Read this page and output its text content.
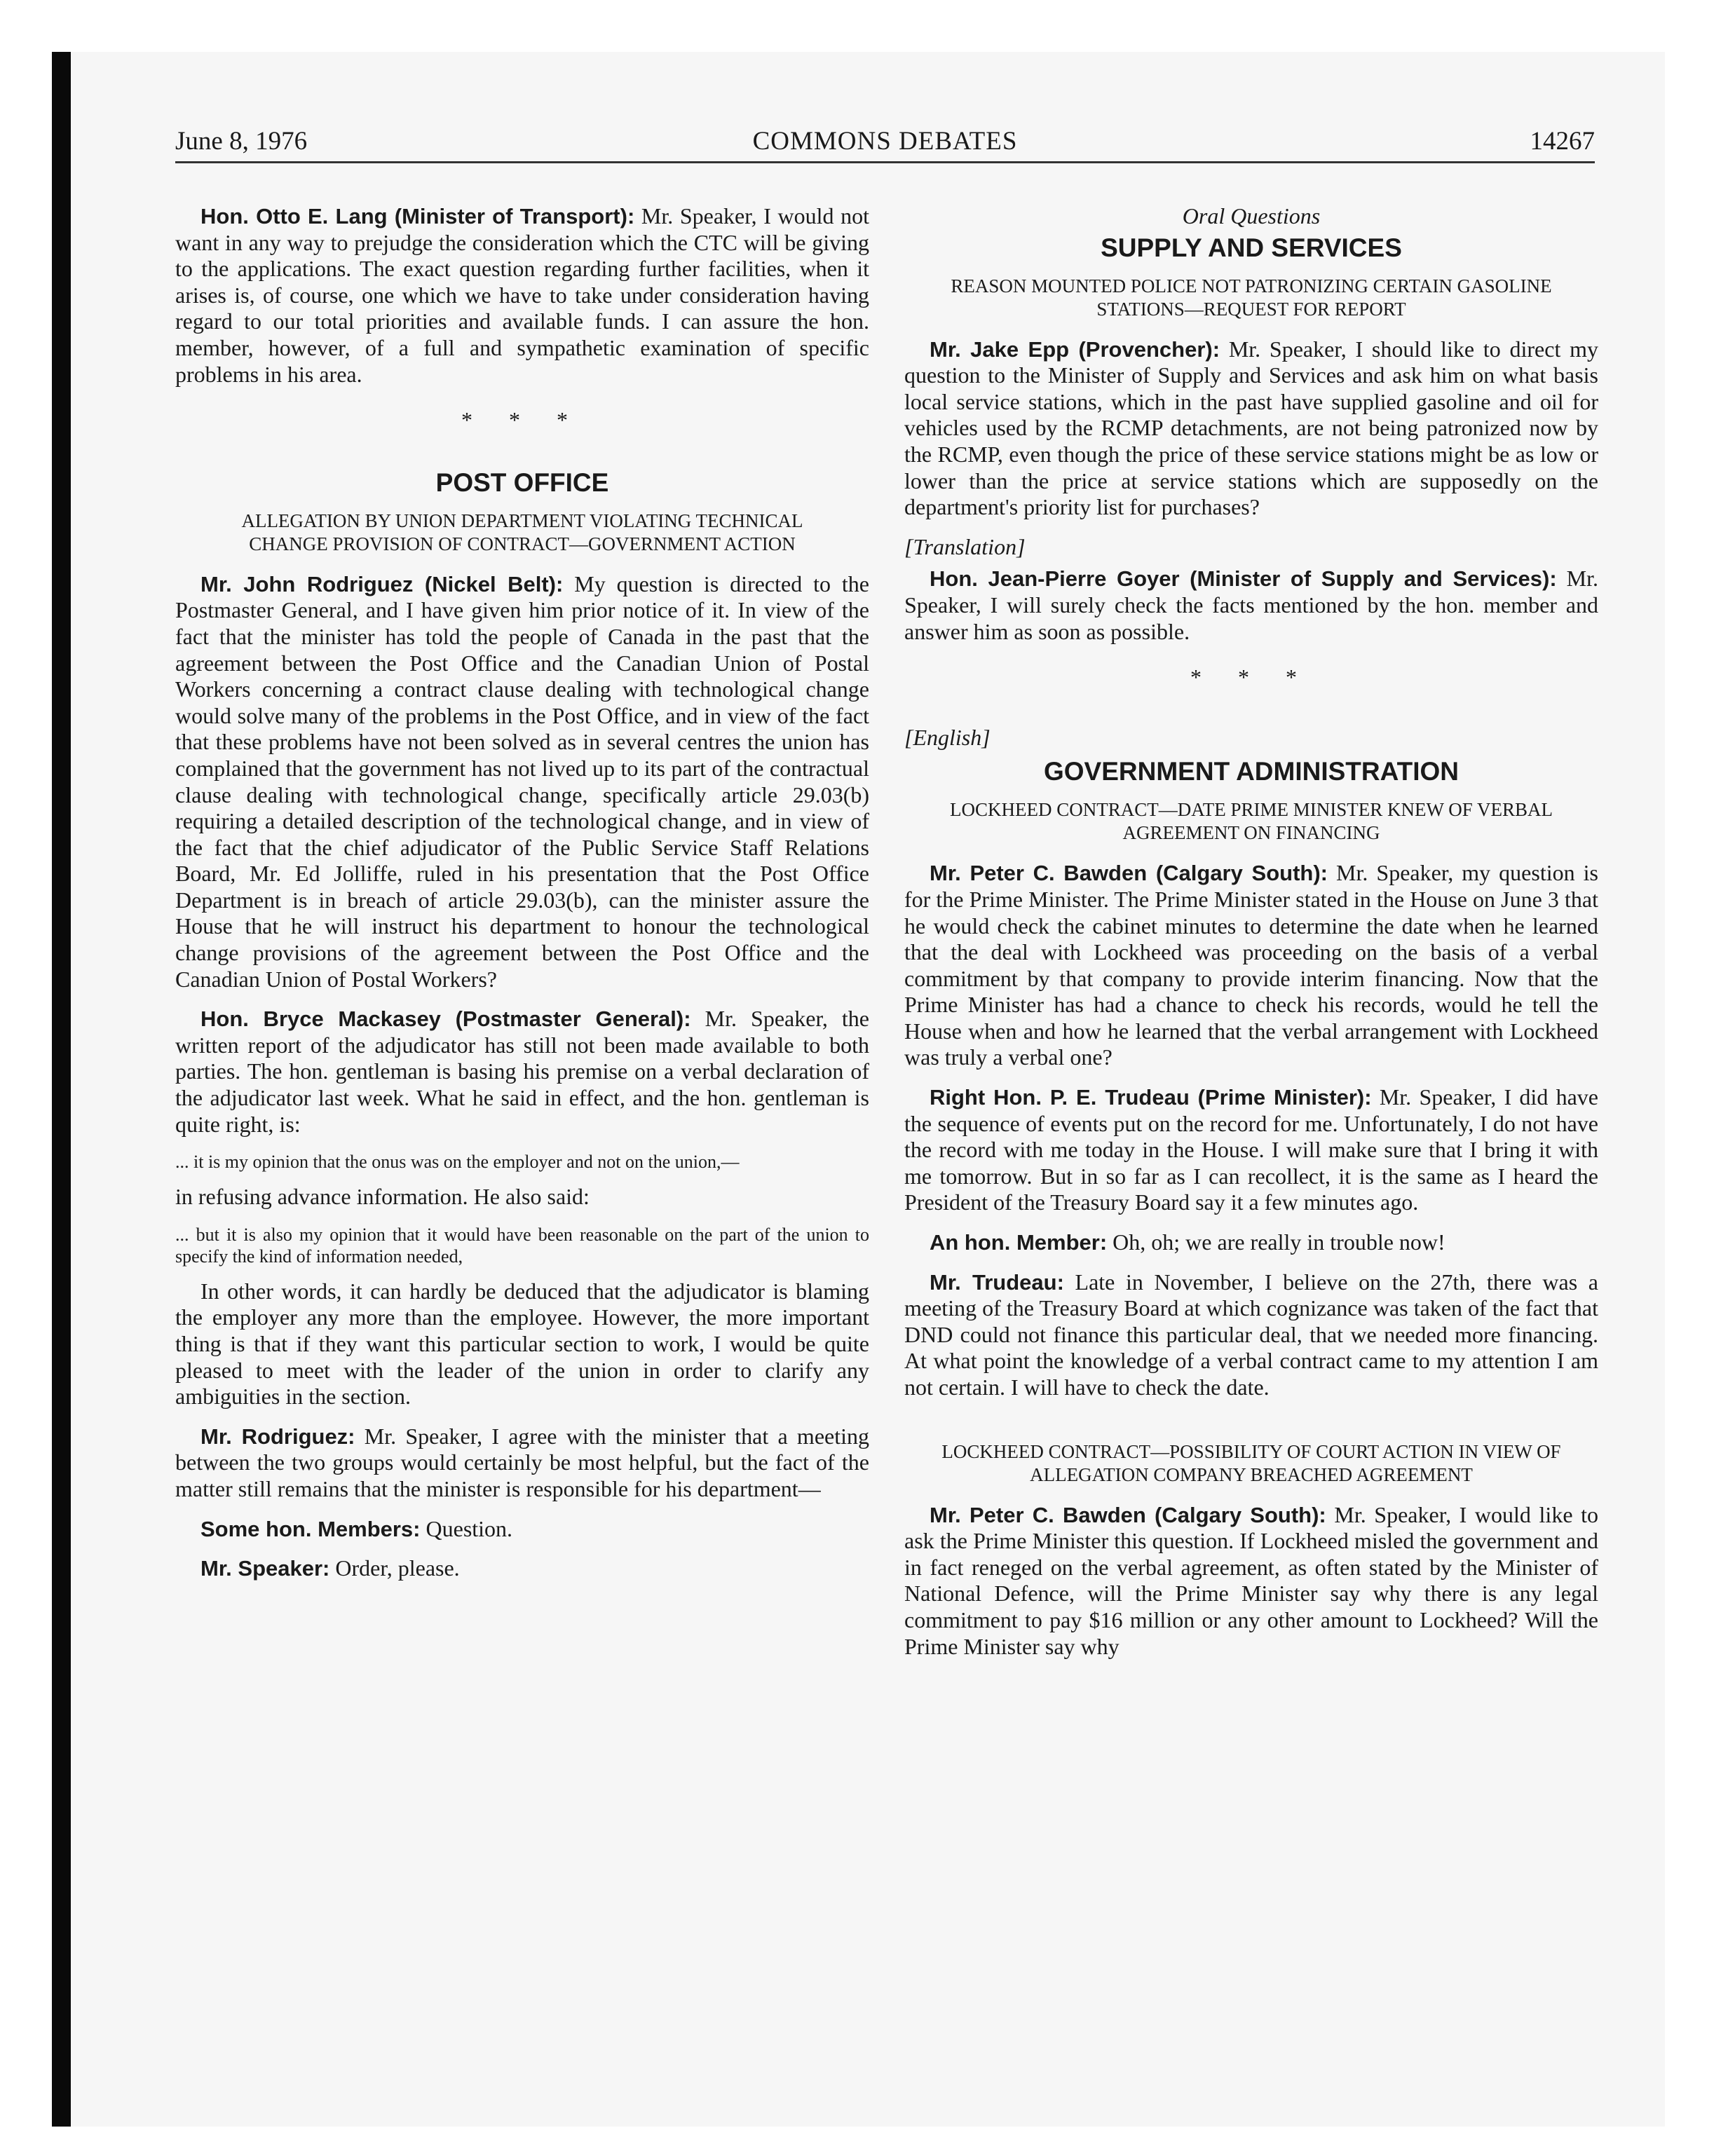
June 8, 1976	COMMONS DEBATES	14267

Hon. Otto E. Lang (Minister of Transport): Mr. Speaker, I would not want in any way to prejudge the consideration which the CTC will be giving to the applications. The exact question regarding further facilities, when it arises is, of course, one which we have to take under consideration having regard to our total priorities and available funds. I can assure the hon. member, however, of a full and sympathetic examination of specific problems in his area.

* * *
POST OFFICE
ALLEGATION BY UNION DEPARTMENT VIOLATING TECHNICAL CHANGE PROVISION OF CONTRACT—GOVERNMENT ACTION

Mr. John Rodriguez (Nickel Belt): My question is directed to the Postmaster General, and I have given him prior notice of it. In view of the fact that the minister has told the people of Canada in the past that the agreement between the Post Office and the Canadian Union of Postal Workers concerning a contract clause dealing with technological change would solve many of the problems in the Post Office, and in view of the fact that these problems have not been solved as in several centres the union has complained that the government has not lived up to its part of the contractual clause dealing with technological change, specifically article 29.03(b) requiring a detailed description of the technological change, and in view of the fact that the chief adjudicator of the Public Service Staff Relations Board, Mr. Ed Jolliffe, ruled in his presentation that the Post Office Department is in breach of article 29.03(b), can the minister assure the House that he will instruct his department to honour the technological change provisions of the agreement between the Post Office and the Canadian Union of Postal Workers?

Hon. Bryce Mackasey (Postmaster General): Mr. Speaker, the written report of the adjudicator has still not been made available to both parties. The hon. gentleman is basing his premise on a verbal declaration of the adjudicator last week. What he said in effect, and the hon. gentleman is quite right, is:

... it is my opinion that the onus was on the employer and not on the union,—

in refusing advance information. He also said:

... but it is also my opinion that it would have been reasonable on the part of the union to specify the kind of information needed,

In other words, it can hardly be deduced that the adjudicator is blaming the employer any more than the employee. However, the more important thing is that if they want this particular section to work, I would be quite pleased to meet with the leader of the union in order to clarify any ambiguities in the section.

Mr. Rodriguez: Mr. Speaker, I agree with the minister that a meeting between the two groups would certainly be most helpful, but the fact of the matter still remains that the minister is responsible for his department—

Some hon. Members: Question.

Mr. Speaker: Order, please.

Oral Questions
SUPPLY AND SERVICES
REASON MOUNTED POLICE NOT PATRONIZING CERTAIN GASOLINE STATIONS—REQUEST FOR REPORT

Mr. Jake Epp (Provencher): Mr. Speaker, I should like to direct my question to the Minister of Supply and Services and ask him on what basis local service stations, which in the past have supplied gasoline and oil for vehicles used by the RCMP detachments, are not being patronized now by the RCMP, even though the price of these service stations might be as low or lower than the price at service stations which are supposedly on the department's priority list for purchases?

[Translation]

Hon. Jean-Pierre Goyer (Minister of Supply and Services): Mr. Speaker, I will surely check the facts mentioned by the hon. member and answer him as soon as possible.

* * *
[English]
GOVERNMENT ADMINISTRATION
LOCKHEED CONTRACT—DATE PRIME MINISTER KNEW OF VERBAL AGREEMENT ON FINANCING

Mr. Peter C. Bawden (Calgary South): Mr. Speaker, my question is for the Prime Minister. The Prime Minister stated in the House on June 3 that he would check the cabinet minutes to determine the date when he learned that the deal with Lockheed was proceeding on the basis of a verbal commitment by that company to provide interim financing. Now that the Prime Minister has had a chance to check his records, would he tell the House when and how he learned that the verbal arrangement with Lockheed was truly a verbal one?

Right Hon. P. E. Trudeau (Prime Minister): Mr. Speaker, I did have the sequence of events put on the record for me. Unfortunately, I do not have the record with me today in the House. I will make sure that I bring it with me tomorrow. But in so far as I can recollect, it is the same as I heard the President of the Treasury Board say it a few minutes ago.

An hon. Member: Oh, oh; we are really in trouble now!

Mr. Trudeau: Late in November, I believe on the 27th, there was a meeting of the Treasury Board at which cognizance was taken of the fact that DND could not finance this particular deal, that we needed more financing. At what point the knowledge of a verbal contract came to my attention I am not certain. I will have to check the date.

LOCKHEED CONTRACT—POSSIBILITY OF COURT ACTION IN VIEW OF ALLEGATION COMPANY BREACHED AGREEMENT

Mr. Peter C. Bawden (Calgary South): Mr. Speaker, I would like to ask the Prime Minister this question. If Lockheed misled the government and in fact reneged on the verbal agreement, as often stated by the Minister of National Defence, will the Prime Minister say why there is any legal commitment to pay $16 million or any other amount to Lockheed? Will the Prime Minister say why
